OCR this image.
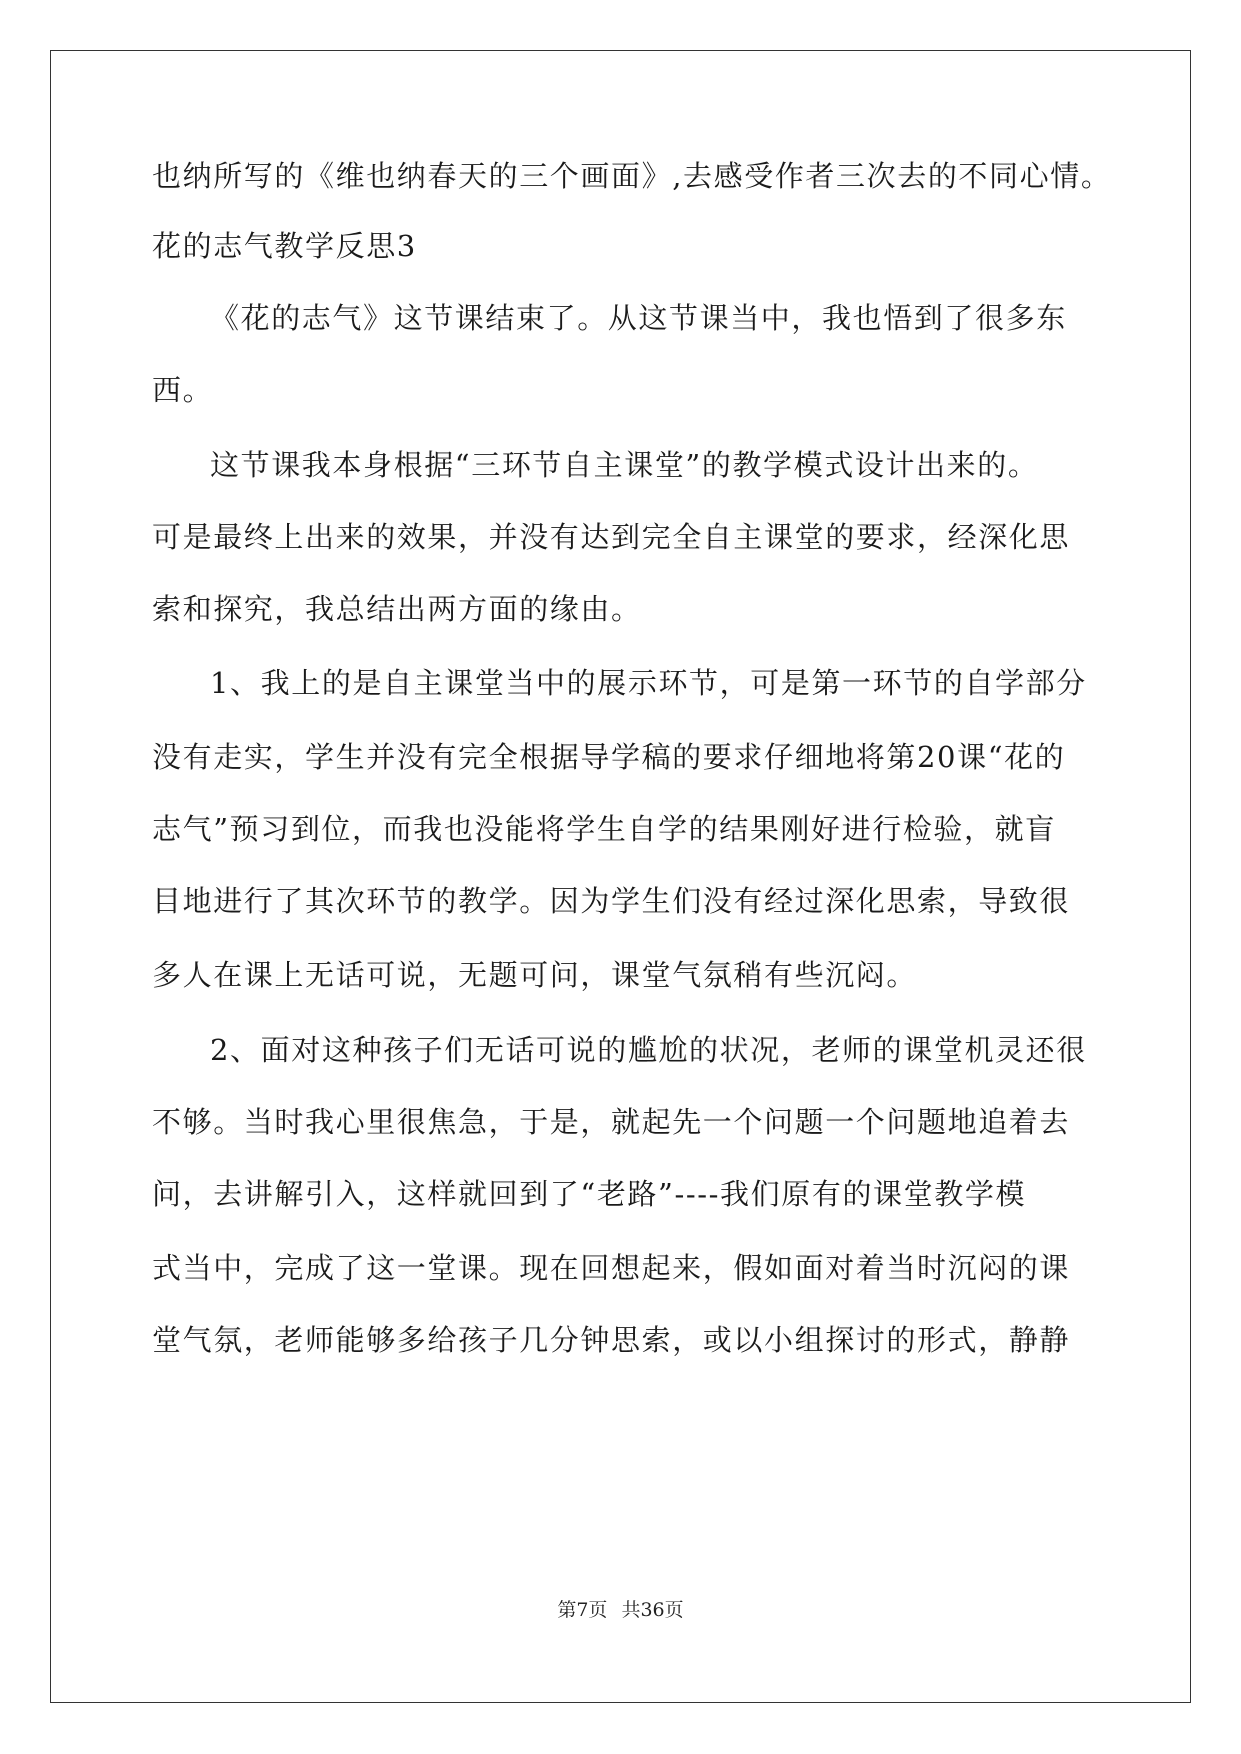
也纳所写的《维也纳春天的三个画面》,去感受作者三次去的不同心情。
花的志气教学反思3
《花的志气》这节课结束了。从这节课当中，我也悟到了很多东
西。
这节课我本身根据“三环节自主课堂”的教学模式设计出来的。
可是最终上出来的效果，并没有达到完全自主课堂的要求，经深化思
索和探究，我总结出两方面的缘由。
1、我上的是自主课堂当中的展示环节，可是第一环节的自学部分
没有走实，学生并没有完全根据导学稿的要求仔细地将第20课“花的
志气”预习到位，而我也没能将学生自学的结果刚好进行检验，就盲
目地进行了其次环节的教学。因为学生们没有经过深化思索，导致很
多人在课上无话可说，无题可问，课堂气氛稍有些沉闷。
2、面对这种孩子们无话可说的尴尬的状况，老师的课堂机灵还很
不够。当时我心里很焦急，于是，就起先一个问题一个问题地追着去
问，去讲解引入，这样就回到了“老路”----我们原有的课堂教学模
式当中，完成了这一堂课。现在回想起来，假如面对着当时沉闷的课
堂气氛，老师能够多给孩子几分钟思索，或以小组探讨的形式，静静
第7页 共36页
